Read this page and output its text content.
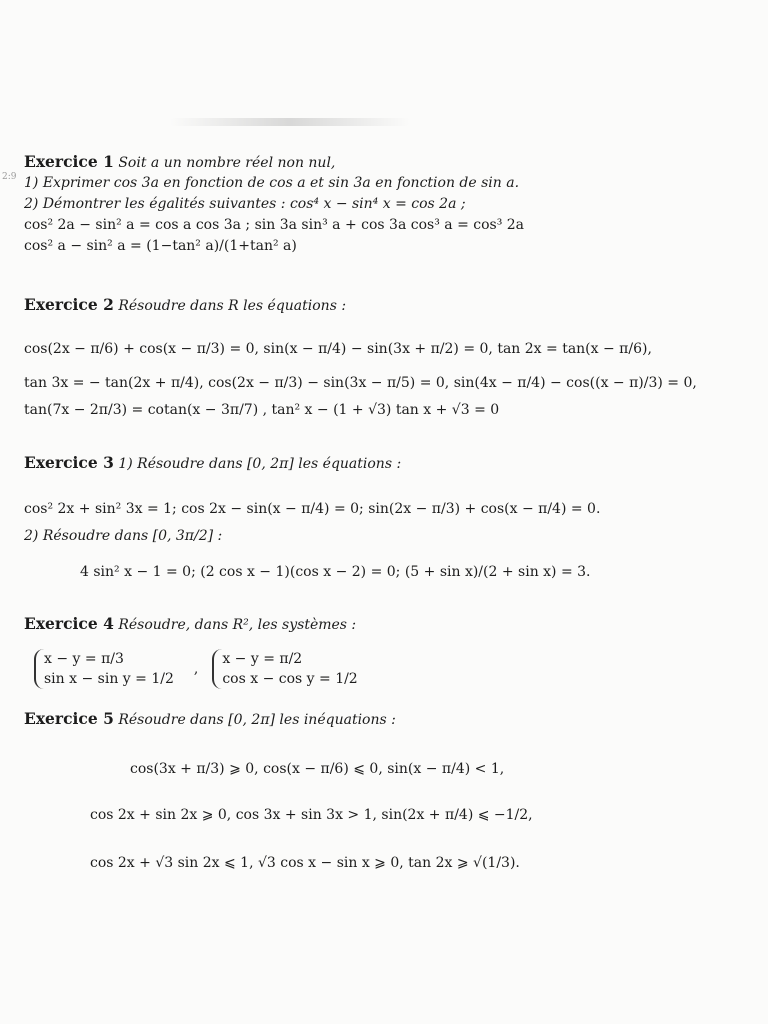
2:9
Exercice 1 Soit a un nombre réel non nul,
1) Exprimer cos 3a en fonction de cos a et sin 3a en fonction de sin a.
2) Démontrer les égalités suivantes : cos⁴ x − sin⁴ x = cos 2a ;
cos² 2a − sin² a = cos a cos 3a ; sin 3a sin³ a + cos 3a cos³ a = cos³ 2a
cos² a − sin² a = (1−tan² a)/(1+tan² a)
Exercice 2 Résoudre dans R les équations :
cos(2x − π/6) + cos(x − π/3) = 0, sin(x − π/4) − sin(3x + π/2) = 0, tan 2x = tan(x − π/6),
tan 3x = − tan(2x + π/4), cos(2x − π/3) − sin(3x − π/5) = 0, sin(4x − π/4) − cos((x − π)/3) = 0,
tan(7x − 2π/3) = cotan(x − 3π/7) , tan² x − (1 + √3) tan x + √3 = 0
Exercice 3 1) Résoudre dans [0, 2π] les équations :
cos² 2x + sin² 3x = 1; cos 2x − sin(x − π/4) = 0; sin(2x − π/3) + cos(x − π/4) = 0.
2) Résoudre dans [0, 3π/2] :
4 sin² x − 1 = 0; (2 cos x − 1)(cos x − 2) = 0; (5 + sin x)/(2 + sin x) = 3.
Exercice 4 Résoudre, dans R², les systèmes :
x − y = π/3
sin x − sin y = 1/2
,
x − y = π/2
cos x − cos y = 1/2
Exercice 5 Résoudre dans [0, 2π] les inéquations :
cos(3x + π/3) ⩾ 0, cos(x − π/6) ⩽ 0, sin(x − π/4) < 1,
cos 2x + sin 2x ⩾ 0, cos 3x + sin 3x > 1, sin(2x + π/4) ⩽ −1/2,
cos 2x + √3 sin 2x ⩽ 1, √3 cos x − sin x ⩾ 0, tan 2x ⩾ √(1/3).
